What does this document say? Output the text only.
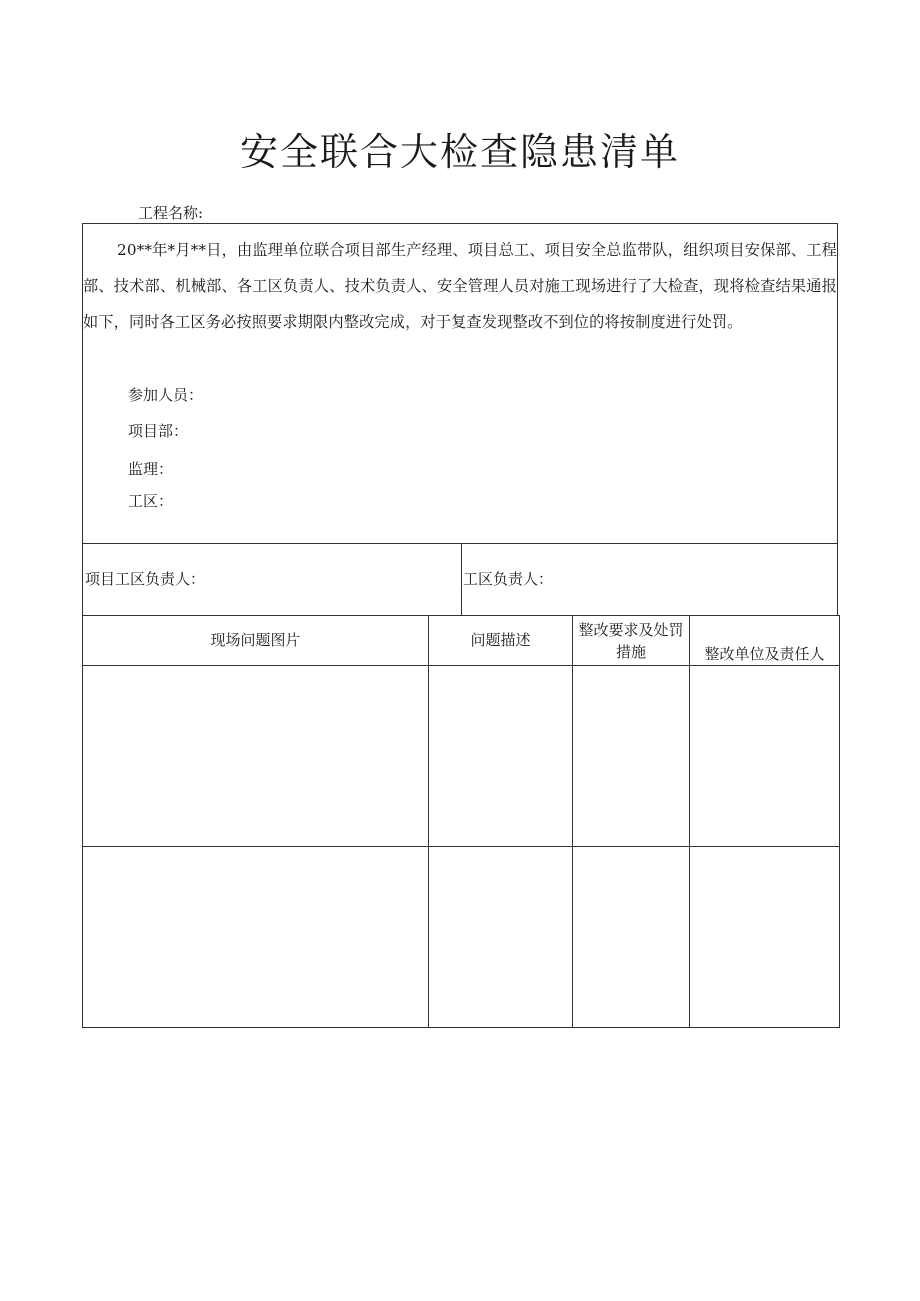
安全联合大检查隐患清单
工程名称:
20**年*月**日，由监理单位联合项目部生产经理、项目总工、项目安全总监带队，组织项目安保部、工程部、技术部、机械部、各工区负责人、技术负责人、安全管理人员对施工现场进行了大检查，现将检查结果通报如下，同时各工区务必按照要求期限内整改完成，对于复查发现整改不到位的将按制度进行处罚。
参加人员：
项目部：
监理：
工区：
项目工区负责人：	工区负责人：
现场问题图片	问题描述	整改要求及处罚措施	整改单位及责任人
